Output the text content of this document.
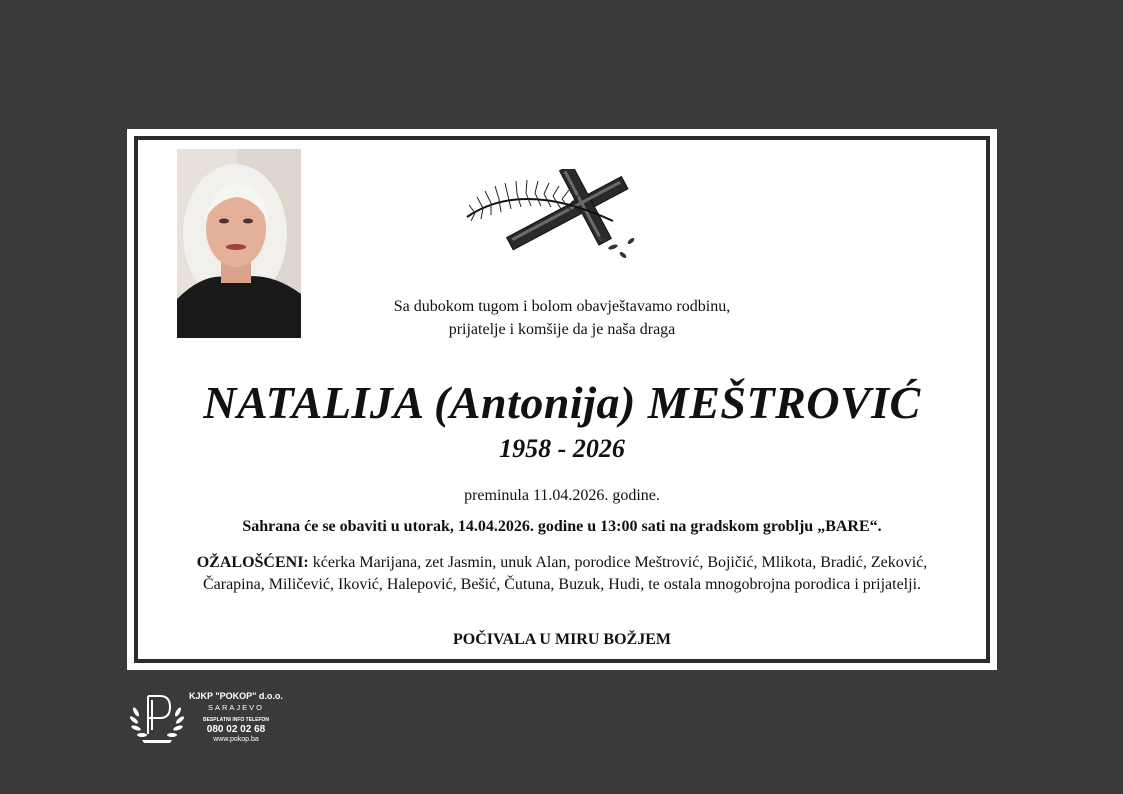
Sa dubokom tugom i bolom obavještavamo rodbinu,
prijatelje i komšije da je naša draga
NATALIJA (Antonija) MEŠTROVIĆ
1958 - 2026
preminula 11.04.2026. godine.
Sahrana će se obaviti u utorak, 14.04.2026. godine u 13:00 sati na gradskom groblju „BARE“.
OŽALOŠĆENI: kćerka Marijana, zet Jasmin, unuk Alan, porodice Meštrović, Bojičić, Mlikota, Bradić, Zeković, Čarapina, Miličević, Iković, Halepović, Bešić, Čutuna, Buzuk, Hudi, te ostala mnogobrojna porodica i prijatelji.
POČIVALA U MIRU BOŽJEM
KJKP "POKOP" d.o.o.
SARAJEVO
BESPLATNI INFO TELEFON
080 02 02 68
www.pokop.ba
